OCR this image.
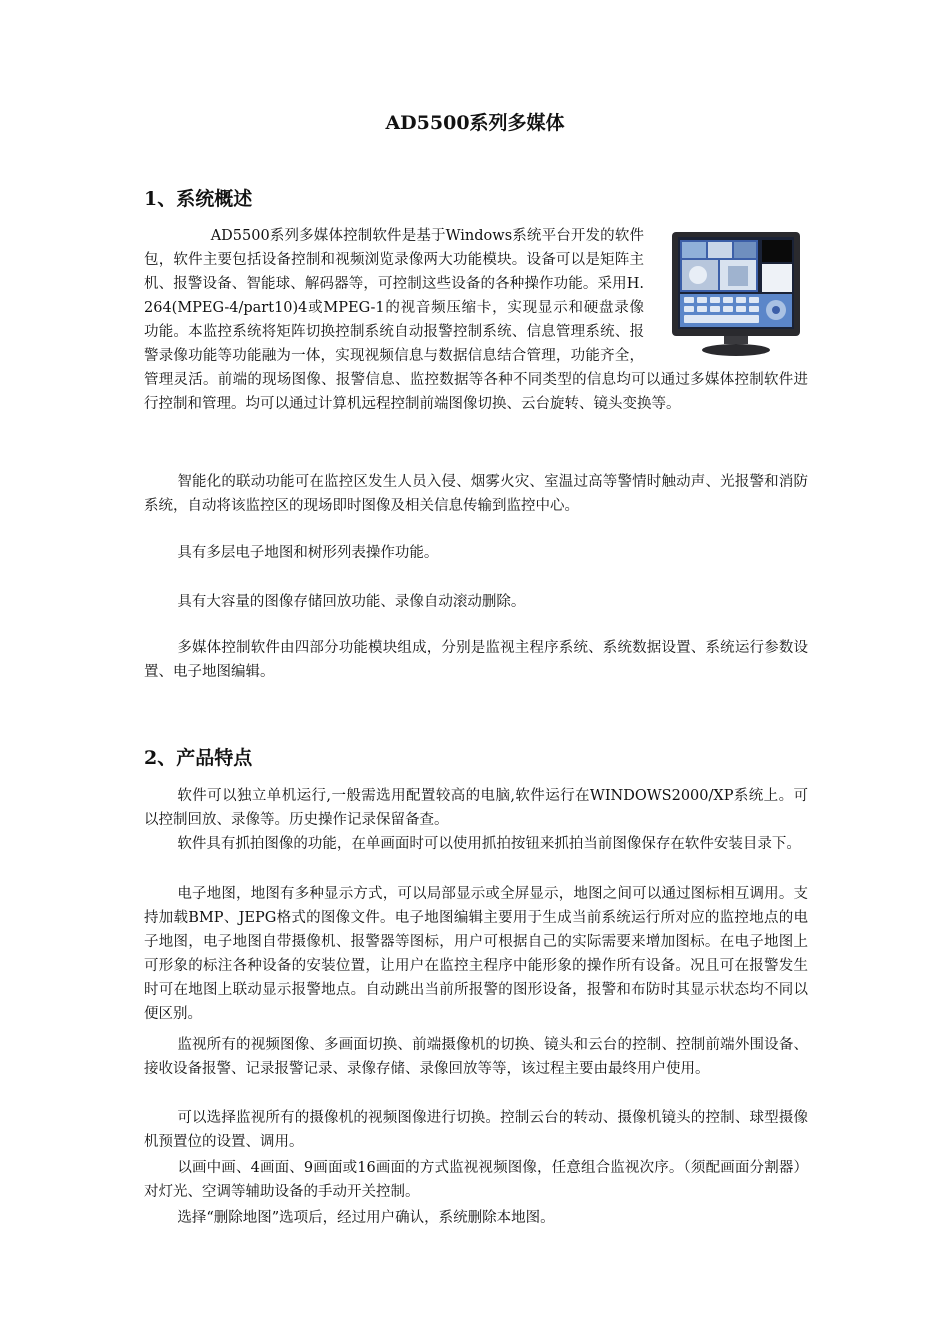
AD5500系列多媒体
1、系统概述
AD5500系列多媒体控制软件是基于Windows系统平台开发的软件包，软件主要包括设备控制和视频浏览录像两大功能模块。设备可以是矩阵主机、报警设备、智能球、解码器等，可控制这些设备的各种操作功能。采用H.264(MPEG-4/part10)4或MPEG-1的视音频压缩卡，实现显示和硬盘录像功能。本监控系统将矩阵切换控制系统自动报警控制系统、信息管理系统、报警录像功能等功能融为一体，实现视频信息与数据信息结合管理，功能齐全，管理灵活。前端的现场图像、报警信息、监控数据等各种不同类型的信息均可以通过多媒体控制软件进行控制和管理。均可以通过计算机远程控制前端图像切换、云台旋转、镜头变换等。

智能化的联动功能可在监控区发生人员入侵、烟雾火灾、室温过高等警情时触动声、光报警和消防系统，自动将该监控区的现场即时图像及相关信息传输到监控中心。

具有多层电子地图和树形列表操作功能。

具有大容量的图像存储回放功能、录像自动滚动删除。

多媒体控制软件由四部分功能模块组成，分别是监视主程序系统、系统数据设置、系统运行参数设置、电子地图编辑。

2、产品特点

软件可以独立单机运行,一般需选用配置较高的电脑,软件运行在WINDOWS2000/XP系统上。可以控制回放、录像等。历史操作记录保留备查。

软件具有抓拍图像的功能，在单画面时可以使用抓拍按钮来抓拍当前图像保存在软件安装目录下。

电子地图，地图有多种显示方式，可以局部显示或全屏显示，地图之间可以通过图标相互调用。支持加载BMP、JEPG格式的图像文件。电子地图编辑主要用于生成当前系统运行所对应的监控地点的电子地图，电子地图自带摄像机、报警器等图标，用户可根据自己的实际需要来增加图标。在电子地图上可形象的标注各种设备的安装位置，让用户在监控主程序中能形象的操作所有设备。况且可在报警发生时可在地图上联动显示报警地点。自动跳出当前所报警的图形设备，报警和布防时其显示状态均不同以便区别。

监视所有的视频图像、多画面切换、前端摄像机的切换、镜头和云台的控制、控制前端外围设备、接收设备报警、记录报警记录、录像存储、录像回放等等，该过程主要由最终用户使用。

可以选择监视所有的摄像机的视频图像进行切换。控制云台的转动、摄像机镜头的控制、球型摄像机预置位的设置、调用。

以画中画、4画面、9画面或16画面的方式监视视频图像，任意组合监视次序。（须配画面分割器）对灯光、空调等辅助设备的手动开关控制。

选择“删除地图”选项后，经过用户确认，系统删除本地图。
